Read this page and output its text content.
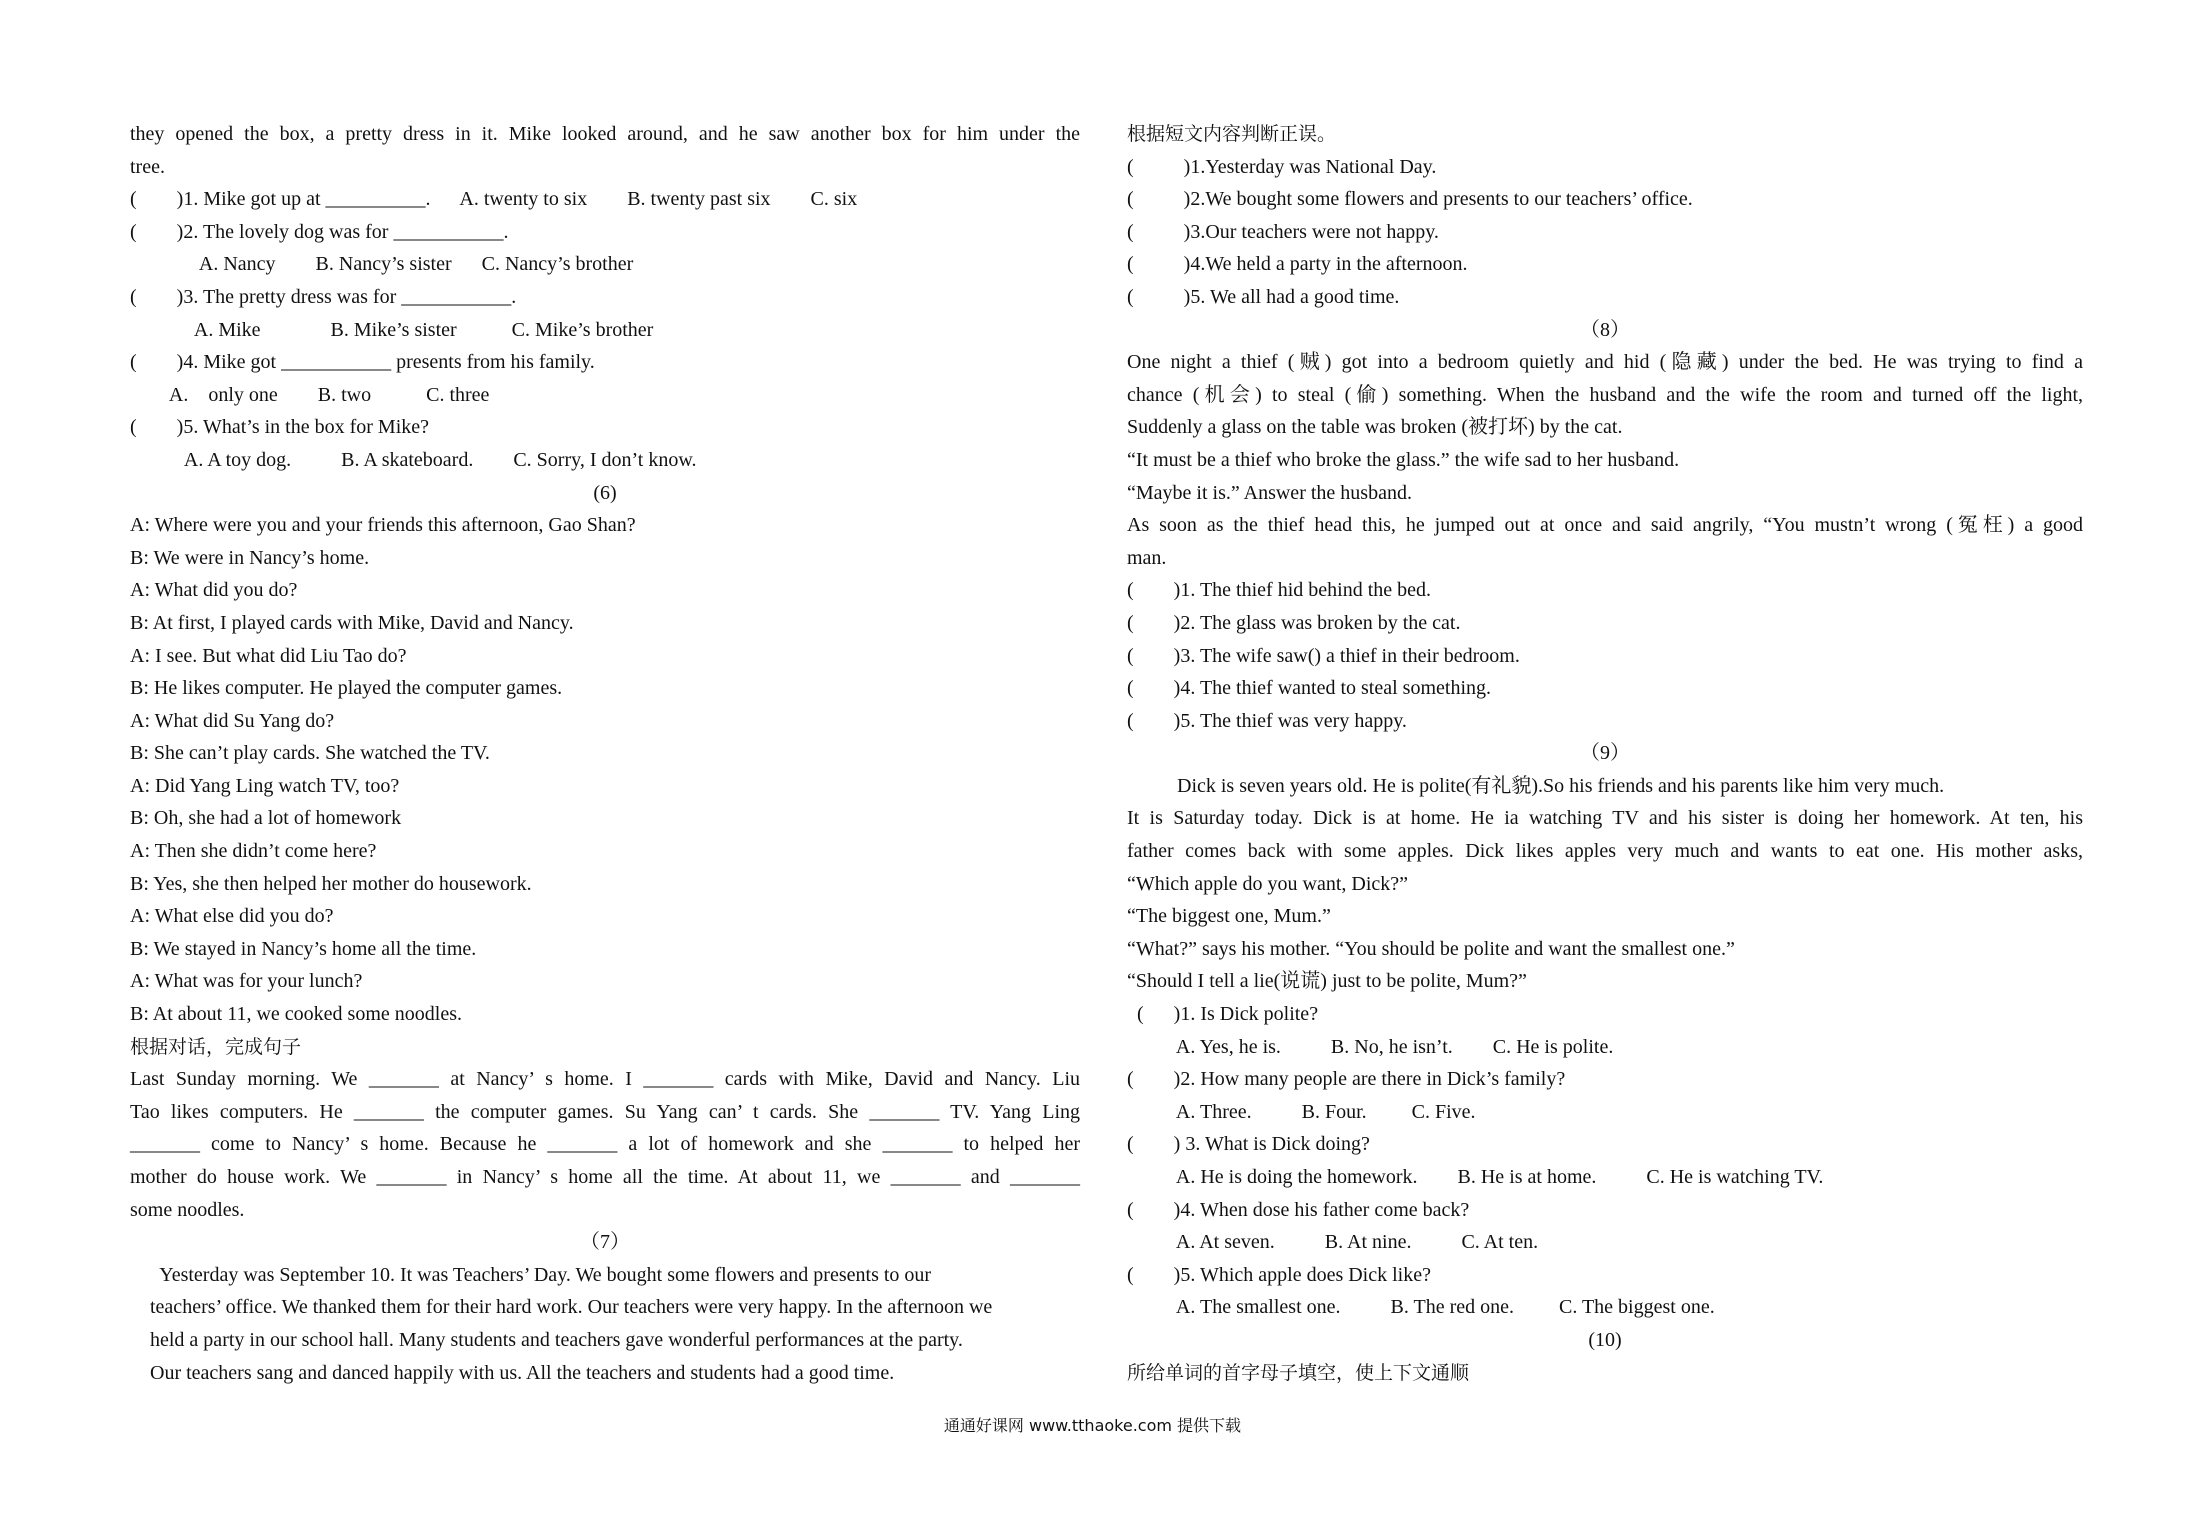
they opened the box, a pretty dress in it. Mike looked around, and he saw another box for him under the
tree.
(        )1. Mike got up at __________.      A. twenty to six        B. twenty past six        C. six
(        )2. The lovely dog was for ___________.
A. Nancy        B. Nancy’s sister      C. Nancy’s brother
(        )3. The pretty dress was for ___________.
A. Mike              B. Mike’s sister           C. Mike’s brother
(        )4. Mike got ___________ presents from his family.
A.    only one        B. two           C. three
(        )5. What’s in the box for Mike?
A. A toy dog.          B. A skateboard.        C. Sorry, I don’t know.
(6)
A: Where were you and your friends this afternoon, Gao Shan?
B: We were in Nancy’s home.
A: What did you do?
B: At first, I played cards with Mike, David and Nancy.
A: I see. But what did Liu Tao do?
B: He likes computer. He played the computer games.
A: What did Su Yang do?
B: She can’t play cards. She watched the TV.
A: Did Yang Ling watch TV, too?
B: Oh, she had a lot of homework
A: Then she didn’t come here?
B: Yes, she then helped her mother do housework.
A: What else did you do?
B: We stayed in Nancy’s home all the time.
A: What was for your lunch?
B: At about 11, we cooked some noodles.
根据对话，完成句子
Last Sunday morning. We _______ at Nancy’ s home. I _______ cards with Mike, David and Nancy. Liu
Tao likes computers. He _______ the computer games. Su Yang can’ t cards. She _______ TV. Yang Ling
_______ come to Nancy’ s home. Because he _______ a lot of homework and she _______ to helped her
mother do house work. We _______ in Nancy’ s home all the time. At about 11, we _______ and _______
some noodles.
（7）
Yesterday was September 10. It was Teachers’ Day. We bought some flowers and presents to our
teachers’ office. We thanked them for their hard work. Our teachers were very happy. In the afternoon we
held a party in our school hall. Many students and teachers gave wonderful performances at the party.
Our teachers sang and danced happily with us. All the teachers and students had a good time.
根据短文内容判断正误。
(          )1.Yesterday was National Day.
(          )2.We bought some flowers and presents to our teachers’ office.
(          )3.Our teachers were not happy.
(          )4.We held a party in the afternoon.
(          )5. We all had a good time.
（8）
One night a thief (贼) got into a bedroom quietly and hid (隐藏) under the bed. He was trying to find a
chance (机会) to steal (偷) something. When the husband and the wife the room and turned off the light,
Suddenly a glass on the table was broken (被打坏) by the cat.
“It must be a thief who broke the glass.” the wife sad to her husband.
“Maybe it is.” Answer the husband.
As soon as the thief head this, he jumped out at once and said angrily, “You mustn’t wrong (冤枉) a good
man.
(        )1. The thief hid behind the bed.
(        )2. The glass was broken by the cat.
(        )3. The wife saw() a thief in their bedroom.
(        )4. The thief wanted to steal something.
(        )5. The thief was very happy.
（9）
Dick is seven years old. He is polite(有礼貌).So his friends and his parents like him very much.
It is Saturday today. Dick is at home. He ia watching TV and his sister is doing her homework. At ten, his
father comes back with some apples. Dick likes apples very much and wants to eat one. His mother asks,
“Which apple do you want, Dick?”
“The biggest one, Mum.”
“What?” says his mother. “You should be polite and want the smallest one.”
“Should I tell a lie(说谎) just to be polite, Mum?”
(      )1. Is Dick polite?
A. Yes, he is.          B. No, he isn’t.        C. He is polite.
(        )2. How many people are there in Dick’s family?
A. Three.          B. Four.         C. Five.
(        ) 3. What is Dick doing?
A. He is doing the homework.        B. He is at home.          C. He is watching TV.
(        )4. When dose his father come back?
A. At seven.          B. At nine.          C. At ten.
(        )5. Which apple does Dick like?
A. The smallest one.          B. The red one.         C. The biggest one.
(10)
所给单词的首字母子填空，使上下文通顺
通通好课网 www.tthaoke.com 提供下载
